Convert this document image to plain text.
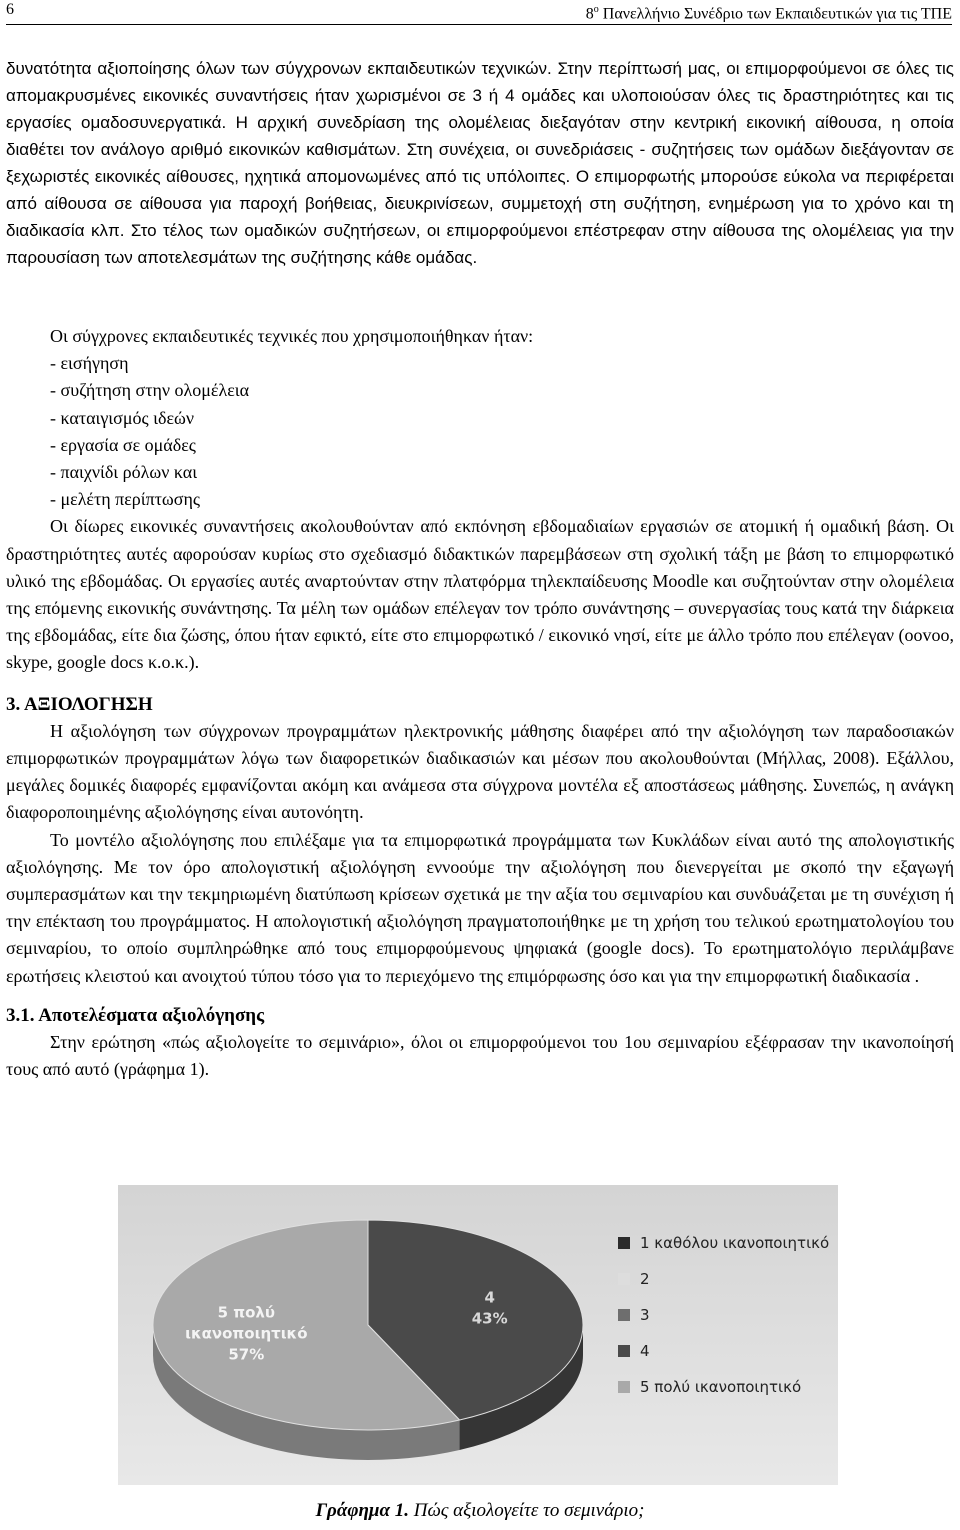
6	$8^o$ Πανελλήνιο Συνέδριο των Εκπαιδευτικών για τις ΤΠΕ

δυνατότητα αξιοποίησης όλων των σύγχρονων εκπαιδευτικών τεχνικών. Στην περίπτωσή μας, οι επιμορφούμενοι σε όλες τις απομακρυσμένες εικονικές συναντήσεις ήταν χωρισμένοι σε 3 ή 4 ομάδες και υλοποιούσαν όλες τις δραστηριότητες και τις εργασίες ομαδοσυνεργατικά. Η αρχική συνεδρίαση της ολομέλειας διεξαγόταν στην κεντρική εικονική αίθουσα, η οποία διαθέτει τον ανάλογο αριθμό εικονικών καθισμάτων. Στη συνέχεια, οι συνεδριάσεις - συζητήσεις των ομάδων διεξάγονταν σε ξεχωριστές εικονικές αίθουσες, ηχητικά απομονωμένες από τις υπόλοιπες. Ο επιμορφωτής μπορούσε εύκολα να περιφέρεται από αίθουσα σε αίθουσα για παροχή βοήθειας, διευκρινίσεων, συμμετοχή στη συζήτηση, ενημέρωση για το χρόνο και τη διαδικασία κλπ. Στο τέλος των ομαδικών συζητήσεων, οι επιμορφούμενοι επέστρεφαν στην αίθουσα της ολομέλειας για την παρουσίαση των αποτελεσμάτων της συζήτησης κάθε ομάδας.

Οι σύγχρονες εκπαιδευτικές τεχνικές που χρησιμοποιήθηκαν ήταν:

- εισήγηση
- συζήτηση στην ολομέλεια
- καταιγισμός ιδεών
- εργασία σε ομάδες
- παιχνίδι ρόλων και
- μελέτη περίπτωσης

Οι δίωρες εικονικές συναντήσεις ακολουθούνταν από εκπόνηση εβδομαδιαίων εργασιών σε ατομική ή ομαδική βάση. Οι δραστηριότητες αυτές αφορούσαν κυρίως στο σχεδιασμό διδακτικών παρεμβάσεων στη σχολική τάξη με βάση το επιμορφωτικό υλικό της εβδομάδας. Οι εργασίες αυτές αναρτούνταν στην πλατφόρμα τηλεκπαίδευσης Moodle και συζητούνταν στην ολομέλεια της επόμενης εικονικής συνάντησης. Τα μέλη των ομάδων επέλεγαν τον τρόπο συνάντησης – συνεργασίας τους κατά την διάρκεια της εβδομάδας, είτε δια ζώσης, όπου ήταν εφικτό, είτε στο επιμορφωτικό / εικονικό νησί, είτε με άλλο τρόπο που επέλεγαν (oovoo, skype, google docs κ.ο.κ.).

3. ΑΞΙΟΛΟΓΗΣΗ

Η αξιολόγηση των σύγχρονων προγραμμάτων ηλεκτρονικής μάθησης διαφέρει από την αξιολόγηση των παραδοσιακών επιμορφωτικών προγραμμάτων λόγω των διαφορετικών διαδικασιών και μέσων που ακολουθούνται (Μήλλας, 2008). Εξάλλου, μεγάλες δομικές διαφορές εμφανίζονται ακόμη και ανάμεσα στα σύγχρονα μοντέλα εξ αποστάσεως μάθησης. Συνεπώς, η ανάγκη διαφοροποιημένης αξιολόγησης είναι αυτονόητη.

Το μοντέλο αξιολόγησης που επιλέξαμε για τα επιμορφωτικά προγράμματα των Κυκλάδων είναι αυτό της απολογιστικής αξιολόγησης. Με τον όρο απολογιστική αξιολόγηση εννοούμε την αξιολόγηση που διενεργείται με σκοπό την εξαγωγή συμπερασμάτων και την τεκμηριωμένη διατύπωση κρίσεων σχετικά με την αξία του σεμιναρίου και συνδυάζεται με τη συνέχιση ή την επέκταση του προγράμματος. Η απολογιστική αξιολόγηση πραγματοποιήθηκε με τη χρήση του τελικού ερωτηματολογίου του σεμιναρίου, το οποίο συμπληρώθηκε από τους επιμορφούμενους ψηφιακά (google docs). Το ερωτηματολόγιο περιλάμβανε ερωτήσεις κλειστού και ανοιχτού τύπου τόσο για το περιεχόμενο της επιμόρφωσης όσο και για την επιμορφωτική διαδικασία .

3.1. Αποτελέσματα αξιολόγησης

Στην ερώτηση «πώς αξιολογείτε το σεμινάριο», όλοι οι επιμορφούμενοι του 1ου σεμιναρίου εξέφρασαν την ικανοποίησή τους από αυτό (γράφημα 1).

4
43%
5 πολύ
ικανοποιητικό
57%
1 καθόλου ικανοποιητικό
2
3
4
5 πολύ ικανοποιητικό
Γράφημα 1. Πώς αξιολογείτε το σεμινάριο;
